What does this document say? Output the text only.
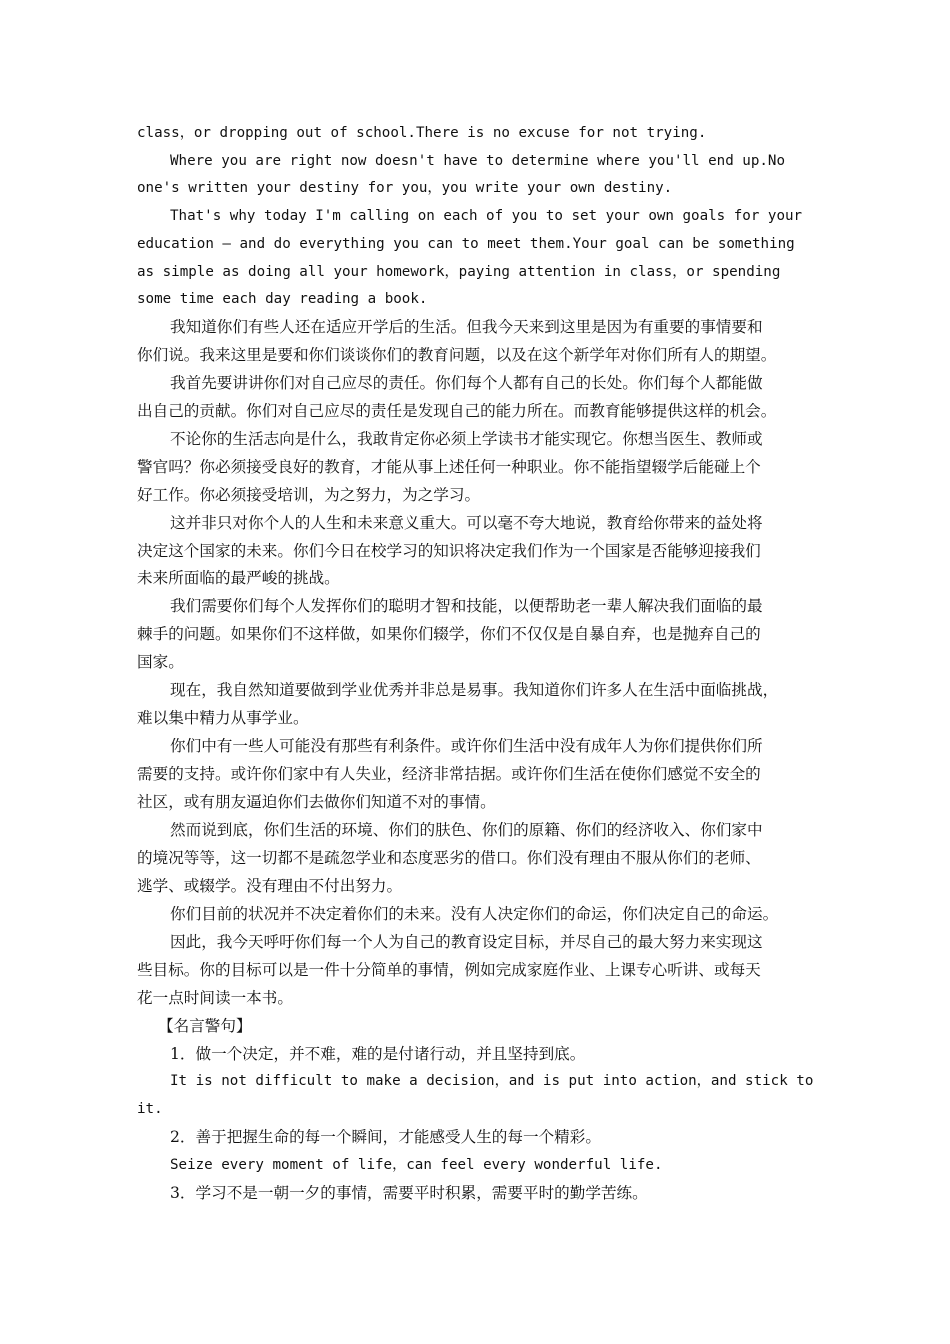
class，or dropping out of school.There is no excuse for not trying.
Where you are right now doesn't have to determine where you'll end up.No
one's written your destiny for you，you write your own destiny.
That's why today I'm calling on each of you to set your own goals for your
education — and do everything you can to meet them.Your goal can be something
as simple as doing all your homework，paying attention in class，or spending
some time each day reading a book.
我知道你们有些人还在适应开学后的生活。但我今天来到这里是因为有重要的事情要和
你们说。我来这里是要和你们谈谈你们的教育问题，以及在这个新学年对你们所有人的期望。
我首先要讲讲你们对自己应尽的责任。你们每个人都有自己的长处。你们每个人都能做
出自己的贡献。你们对自己应尽的责任是发现自己的能力所在。而教育能够提供这样的机会。
不论你的生活志向是什么，我敢肯定你必须上学读书才能实现它。你想当医生、教师或
警官吗？你必须接受良好的教育，才能从事上述任何一种职业。你不能指望辍学后能碰上个
好工作。你必须接受培训，为之努力，为之学习。
这并非只对你个人的人生和未来意义重大。可以毫不夸大地说，教育给你带来的益处将
决定这个国家的未来。你们今日在校学习的知识将决定我们作为一个国家是否能够迎接我们
未来所面临的最严峻的挑战。
我们需要你们每个人发挥你们的聪明才智和技能，以便帮助老一辈人解决我们面临的最
棘手的问题。如果你们不这样做，如果你们辍学，你们不仅仅是自暴自弃，也是抛弃自己的
国家。
现在，我自然知道要做到学业优秀并非总是易事。我知道你们许多人在生活中面临挑战，
难以集中精力从事学业。
你们中有一些人可能没有那些有利条件。或许你们生活中没有成年人为你们提供你们所
需要的支持。或许你们家中有人失业，经济非常拮据。或许你们生活在使你们感觉不安全的
社区，或有朋友逼迫你们去做你们知道不对的事情。
然而说到底，你们生活的环境、你们的肤色、你们的原籍、你们的经济收入、你们家中
的境况等等，这一切都不是疏忽学业和态度恶劣的借口。你们没有理由不服从你们的老师、
逃学、或辍学。没有理由不付出努力。
你们目前的状况并不决定着你们的未来。没有人决定你们的命运，你们决定自己的命运。
因此，我今天呼吁你们每一个人为自己的教育设定目标，并尽自己的最大努力来实现这
些目标。你的目标可以是一件十分简单的事情，例如完成家庭作业、上课专心听讲、或每天
花一点时间读一本书。
【名言警句】
1．做一个决定，并不难，难的是付诸行动，并且坚持到底。
It is not difficult to make a decision，and is put into action，and stick to
it.
2．善于把握生命的每一个瞬间，才能感受人生的每一个精彩。
Seize every moment of life，can feel every wonderful life.
3．学习不是一朝一夕的事情，需要平时积累，需要平时的勤学苦练。
